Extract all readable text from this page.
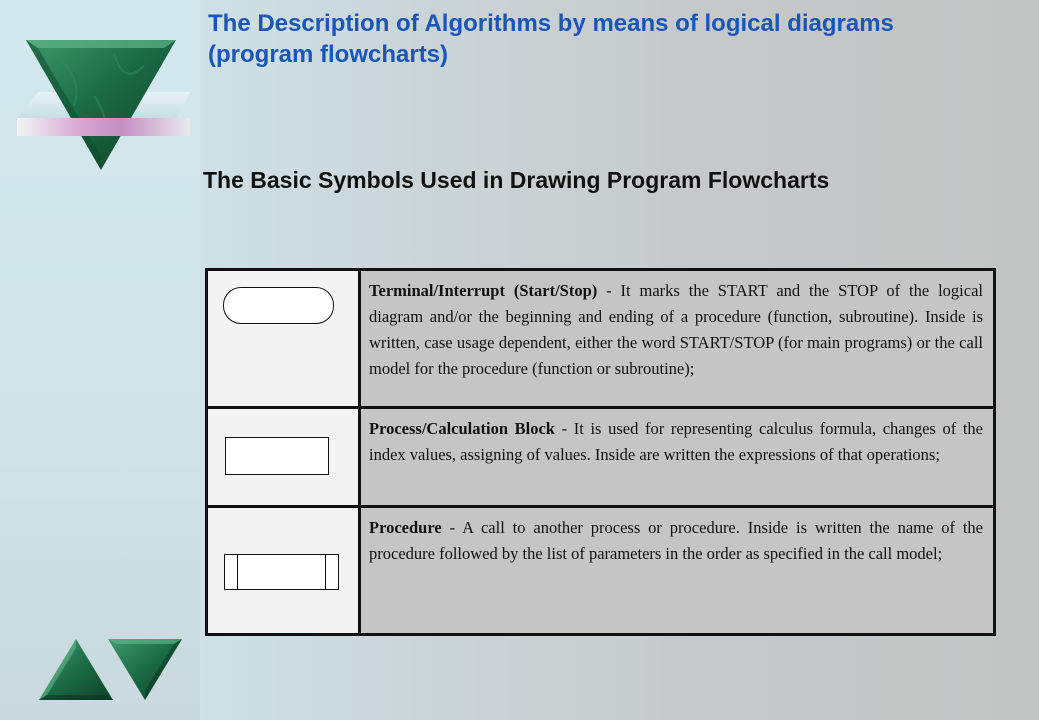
The Description of Algorithms by means of logical diagrams
(program flowcharts)
The Basic Symbols Used in Drawing Program Flowcharts
	Terminal/Interrupt (Start/Stop) - It marks the START and the STOP of the logical diagram and/or the beginning and ending of a procedure (function, subroutine). Inside is written, case usage dependent, either the word START/STOP (for main programs) or the call model for the procedure (function or subroutine);

	Process/Calculation Block - It is used for representing calculus formula, changes of the index values, assigning of values. Inside are written the expressions of that operations;

	Procedure - A call to another process or procedure. Inside is written the name of the procedure followed by the list of parameters in the order as specified in the call model;
